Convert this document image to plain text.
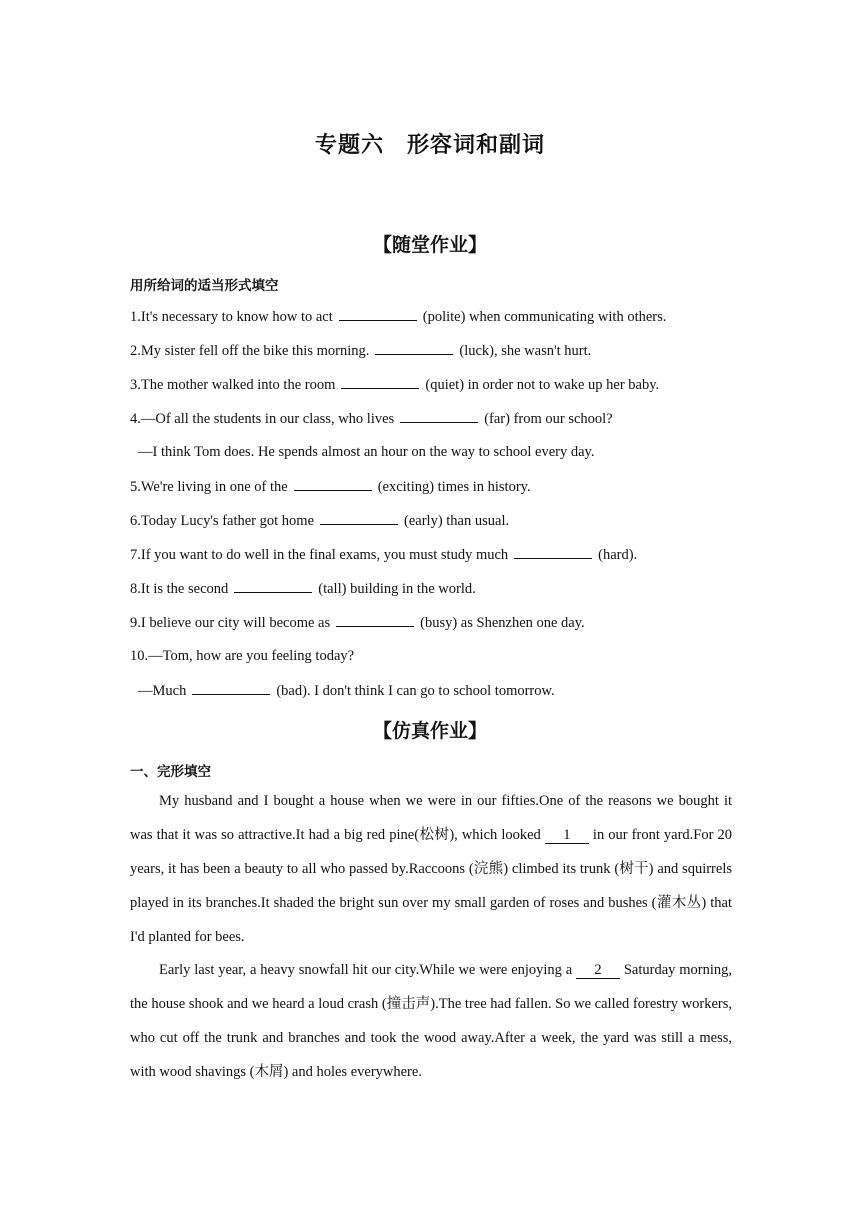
专题六　形容词和副词
【随堂作业】
用所给词的适当形式填空
1.It's necessary to know how to act	(polite) when communicating with others.
2.My sister fell off the bike this morning.	(luck), she wasn't hurt.
3.The mother walked into the room	(quiet) in order not to wake up her baby.
4.—Of all the students in our class, who lives	(far) from our school?
—I think Tom does. He spends almost an hour on the way to school every day.
5.We're living in one of the	(exciting) times in history.
6.Today Lucy's father got home	(early) than usual.
7.If you want to do well in the final exams, you must study much	(hard).
8.It is the second	(tall) building in the world.
9.I believe our city will become as	(busy) as Shenzhen one day.
10.—Tom, how are you feeling today?
—Much	(bad). I don't think I can go to school tomorrow.
【仿真作业】
一、完形填空
My husband and I bought a house when we were in our fifties.One of the reasons we bought it was that it was so attractive.It had a big red pine(松树), which looked 1 in our front yard.For 20 years, it has been a beauty to all who passed by.Raccoons (浣熊) climbed its trunk (树干) and squirrels played in its branches.It shaded the bright sun over my small garden of roses and bushes (灌木丛) that I'd planted for bees.
Early last year, a heavy snowfall hit our city.While we were enjoying a 2 Saturday morning, the house shook and we heard a loud crash (撞击声).The tree had fallen. So we called forestry workers, who cut off the trunk and branches and took the wood away.After a week, the yard was still a mess, with wood shavings (木屑) and holes everywhere.
